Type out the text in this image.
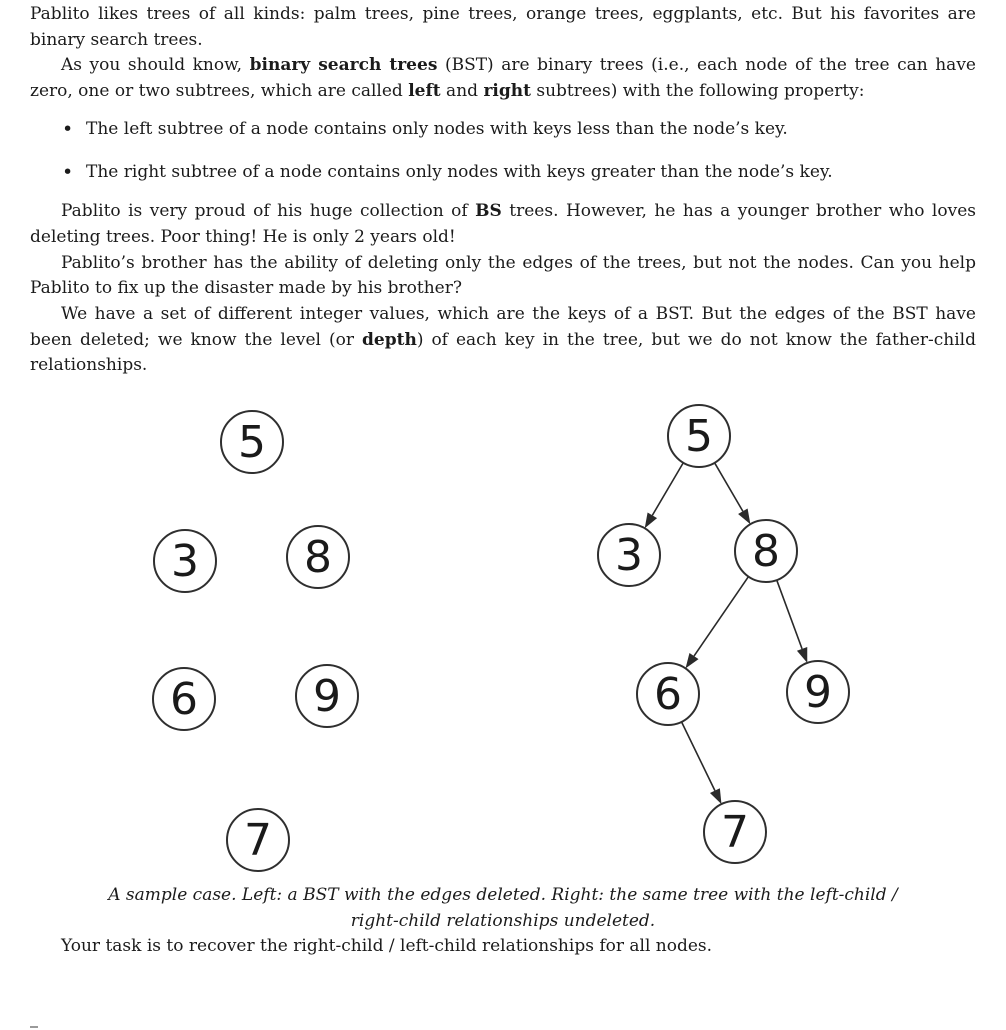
Pablito likes trees of all kinds: palm trees, pine trees, orange trees, eggplants, etc. But his favorites are binary search trees.

As you should know, binary search trees (BST) are binary trees (i.e., each node of the tree can have zero, one or two subtrees, which are called left and right subtrees) with the following property:

• The left subtree of a node contains only nodes with keys less than the node’s key.
• The right subtree of a node contains only nodes with keys greater than the node’s key.

Pablito is very proud of his huge collection of BS trees. However, he has a younger brother who loves deleting trees. Poor thing! He is only 2 years old!

Pablito’s brother has the ability of deleting only the edges of the trees, but not the nodes. Can you help Pablito to fix up the disaster made by his brother?

We have a set of different integer values, which are the keys of a BST. But the edges of the BST have been deleted; we know the level (or depth) of each key in the tree, but we do not know the father-child relationships.

5
3 8
6	9
7
5
3 8
6	9
7
A sample case. Left: a BST with the edges deleted. Right: the same tree with the left-child /
right-child relationships undeleted.

Your task is to recover the right-child / left-child relationships for all nodes.
